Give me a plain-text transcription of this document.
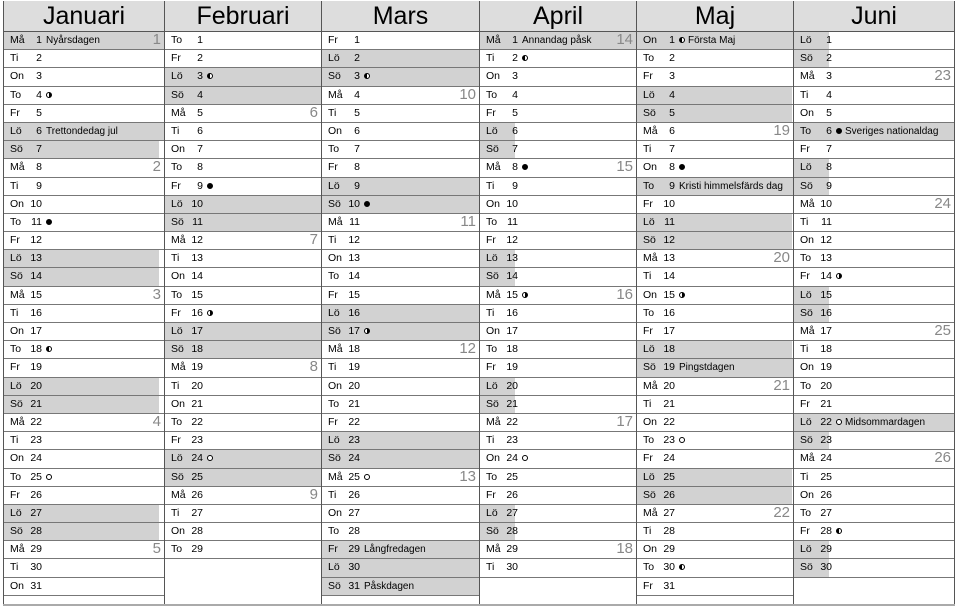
Januari
Må	1 Nyårsdagen	1
Ti	2
On	3
To	4
Fr	5
Lö	6 Trettondedag jul
Sö	7
Må	8	2
Ti	9
On 10
To 11
Fr 12
Lö 13
Sö 14
Må 15	3
Ti 16
On 17
To 18
Fr 19
Lö 20
Sö 21
Må 22	4
Ti 23
On 24
To 25
Fr 26
Lö 27
Sö 28
Må 29	5
Ti 30
On 31
Februari
To	1
Fr	2
Lö	3
Sö	4
Må	5	6
Ti	6
On	7
To	8
Fr	9
Lö 10
Sö 11
Må 12	7
Ti 13
On 14
To 15
Fr 16
Lö 17
Sö 18
Må 19	8
Ti 20
On 21
To 22
Fr 23
Lö 24
Sö 25
Må 26	9
Ti 27
On 28
To 29
Mars
Fr	1
Lö	2
Sö	3
Må	4	10
Ti	5
On	6
To	7
Fr	8
Lö	9
Sö 10
Må 11	11
Ti 12
On 13
To 14
Fr 15
Lö 16
Sö 17
Må 18	12
Ti 19
On 20
To 21
Fr 22
Lö 23
Sö 24
Må 25	13
Ti 26
On 27
To 28
Fr 29 Långfredagen
Lö 30
Sö 31 Påskdagen
April
Må	1 Annandag påsk 14
Ti	2
On	3
To	4
Fr	5
Lö	6
Sö	7
Må	8	15
Ti	9
On 10
To 11
Fr 12
Lö 13
Sö 14
Må 15	16
Ti 16
On 17
To 18
Fr 19
Lö 20
Sö 21
Må 22	17
Ti 23
On 24
To 25
Fr 26
Lö 27
Sö 28
Må 29	18
Ti 30
Maj
On	1 Första Maj
To	2
Fr	3
Lö	4
Sö	5
Må	6	19
Ti	7
On	8
To	9 Kristi himmelsfärds dag
Fr 10
Lö 11
Sö 12
Må 13	20
Ti 14
On 15
To 16
Fr 17
Lö 18
Sö 19 Pingstdagen
Må 20	21
Ti 21
On 22
To 23
Fr 24
Lö 25
Sö 26
Må 27	22
Ti 28
On 29
To 30
Fr 31
Juni
Lö	1
Sö	2
Må	3	23
Ti	4
On	5
To	6 Sveriges nationaldag
Fr	7
Lö	8
Sö	9
Må 10	24
Ti 11
On 12
To 13
Fr 14
Lö 15
Sö 16
Må 17	25
Ti 18
On 19
To 20
Fr 21
Lö 22 Midsommardagen
Sö 23
Må 24	26
Ti 25
On 26
To 27
Fr 28
Lö 29
Sö 30
